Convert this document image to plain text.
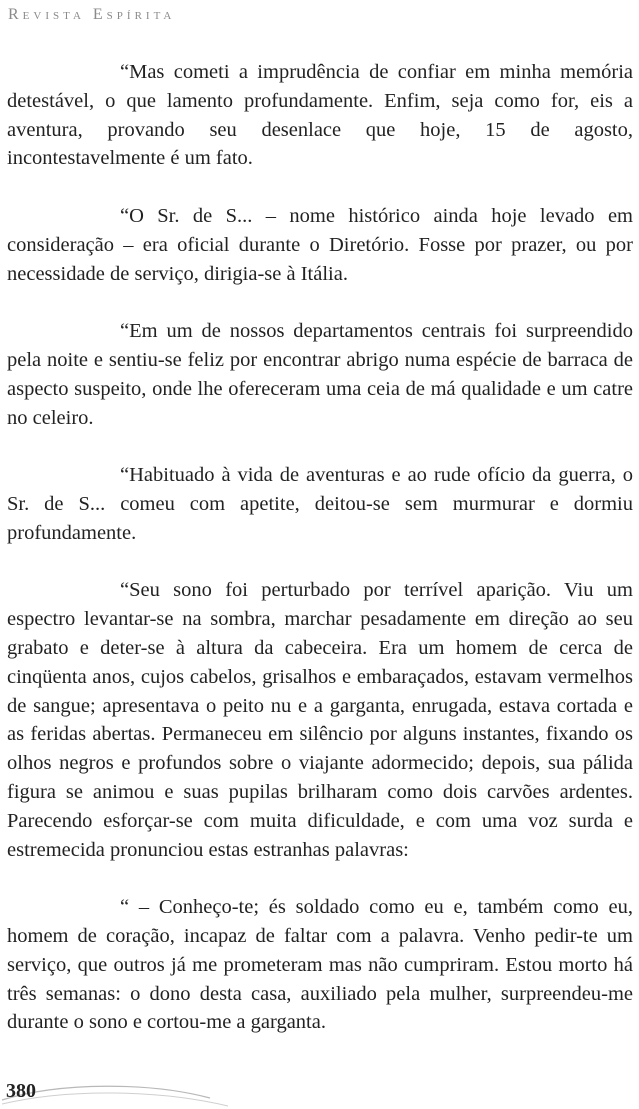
Revista Espírita

“Mas cometi a imprudência de confiar em minha memória detestável, o que lamento profundamente. Enfim, seja como for, eis a aventura, provando seu desenlace que hoje, 15 de agosto, incontestavelmente é um fato.

“O Sr. de S... – nome histórico ainda hoje levado em consideração – era oficial durante o Diretório. Fosse por prazer, ou por necessidade de serviço, dirigia-se à Itália.

“Em um de nossos departamentos centrais foi surpreendido pela noite e sentiu-se feliz por encontrar abrigo numa espécie de barraca de aspecto suspeito, onde lhe ofereceram uma ceia de má qualidade e um catre no celeiro.

“Habituado à vida de aventuras e ao rude ofício da guerra, o Sr. de S... comeu com apetite, deitou-se sem murmurar e dormiu profundamente.

“Seu sono foi perturbado por terrível aparição. Viu um espectro levantar-se na sombra, marchar pesadamente em direção ao seu grabato e deter-se à altura da cabeceira. Era um homem de cerca de cinqüenta anos, cujos cabelos, grisalhos e embaraçados, estavam vermelhos de sangue; apresentava o peito nu e a garganta, enrugada, estava cortada e as feridas abertas. Permaneceu em silêncio por alguns instantes, fixando os olhos negros e profundos sobre o viajante adormecido; depois, sua pálida figura se animou e suas pupilas brilharam como dois carvões ardentes. Parecendo esforçar-se com muita dificuldade, e com uma voz surda e estremecida pronunciou estas estranhas palavras:

“ – Conheço-te; és soldado como eu e, também como eu, homem de coração, incapaz de faltar com a palavra. Venho pedir-te um serviço, que outros já me prometeram mas não cumpriram. Estou morto há três semanas: o dono desta casa, auxiliado pela mulher, surpreendeu-me durante o sono e cortou-me a garganta.

380
